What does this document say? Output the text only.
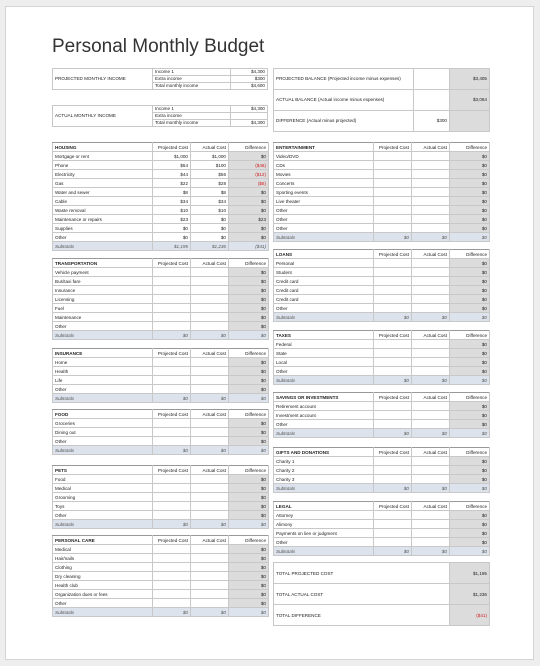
Personal Monthly Budget
PROJECTED MONTHLY INCOME	Income 1	$4,300
	Extra income	$300
	Total monthly income	$4,600
ACTUAL MONTHLY INCOME	Income 1	$4,300
	Extra income	
	Total monthly income	$4,300
PROJECTED BALANCE (Projected income minus expenses)		$3,405
ACTUAL BALANCE (Actual income minus expenses)		$3,064
DIFFERENCE (Actual minus projected)	$300	
HOUSING	Projected Cost	Actual Cost	Difference
Mortgage or rent	$1,000	$1,000	$0
Phone	$54	$100	($46)
Electricity	$44	$56	($12)
Gas	$22	$28	($6)
Water and sewer	$8	$8	$0
Cable	$34	$34	$0
Waste removal	$10	$10	$0
Maintenance or repairs	$23	$0	$23
Supplies	$0	$0	$0
Other	$0	$0	$0
Subtotals	$1,195	$1,236	($41)
TRANSPORTATION	Projected Cost	Actual Cost	Difference
Vehicle payment			$0
Bus/taxi fare			$0
Insurance			$0
Licensing			$0
Fuel			$0
Maintenance			$0
Other			$0
Subtotals	$0	$0	$0
INSURANCE	Projected Cost	Actual Cost	Difference
Home			$0
Health			$0
Life			$0
Other			$0
Subtotals	$0	$0	$0
FOOD	Projected Cost	Actual Cost	Difference
Groceries			$0
Dining out			$0
Other			$0
Subtotals	$0	$0	$0
PETS	Projected Cost	Actual Cost	Difference
Food			$0
Medical			$0
Grooming			$0
Toys			$0
Other			$0
Subtotals	$0	$0	$0
PERSONAL CARE	Projected Cost	Actual Cost	Difference
Medical			$0
Hair/nails			$0
Clothing			$0
Dry cleaning			$0
Health club			$0
Organization dues or fees			$0
Other			$0
Subtotals	$0	$0	$0
ENTERTAINMENT	Projected Cost	Actual Cost	Difference
Video/DVD			$0
CDs			$0
Movies			$0
Concerts			$0
Sporting events			$0
Live theater			$0
Other			$0
Other			$0
Other			$0
Subtotals	$0	$0	$0
LOANS	Projected Cost	Actual Cost	Difference
Personal			$0
Student			$0
Credit card			$0
Credit card			$0
Credit card			$0
Other			$0
Subtotals	$0	$0	$0
TAXES	Projected Cost	Actual Cost	Difference
Federal			$0
State			$0
Local			$0
Other			$0
Subtotals	$0	$0	$0
SAVINGS OR INVESTMENTS	Projected Cost	Actual Cost	Difference
Retirement account			$0
Investment account			$0
Other			$0
Subtotals	$0	$0	$0
GIFTS AND DONATIONS	Projected Cost	Actual Cost	Difference
Charity 1			$0
Charity 2			$0
Charity 3			$0
Subtotals	$0	$0	$0
LEGAL	Projected Cost	Actual Cost	Difference
Attorney			$0
Alimony			$0
Payments on lien or judgment			$0
Other			$0
Subtotals	$0	$0	$0
TOTAL PROJECTED COST	$1,195
TOTAL ACTUAL COST	$1,236
TOTAL DIFFERENCE	($41)
